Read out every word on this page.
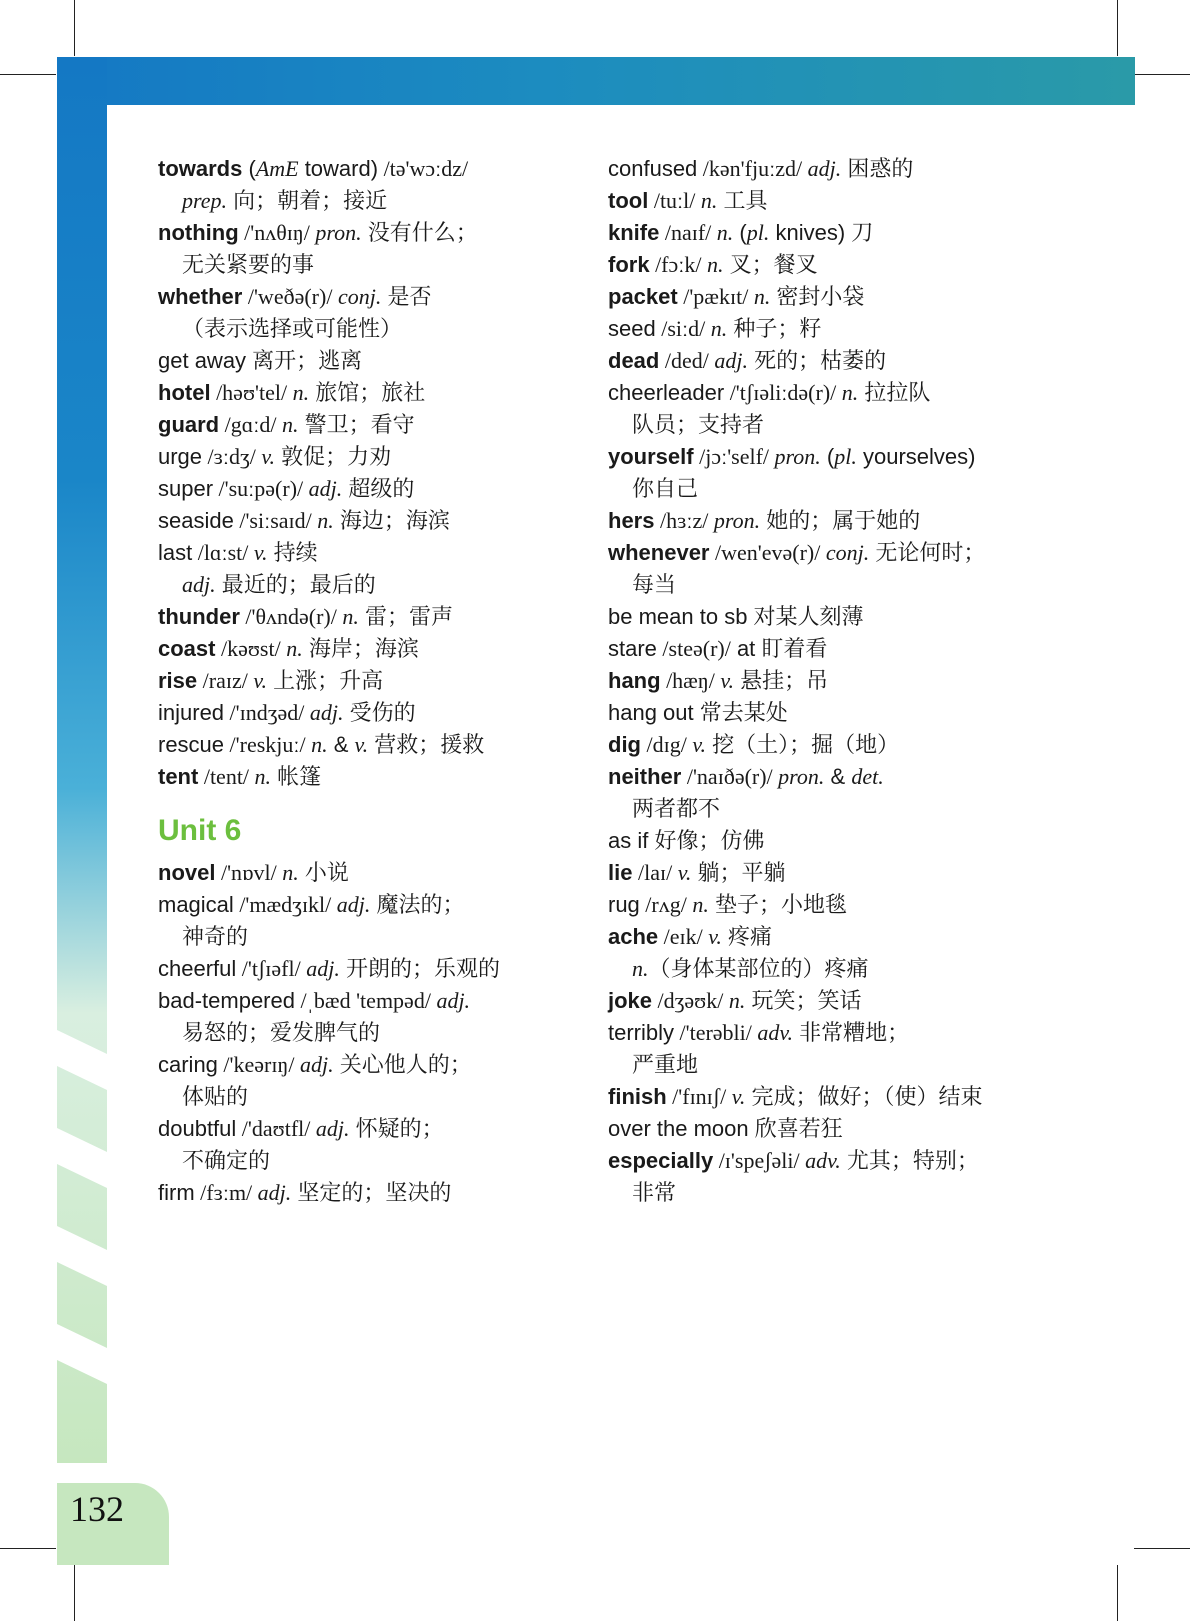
132
towards (AmE toward) /tə'wɔːdz/
prep. 向；朝着；接近
nothing /'nʌθɪŋ/ pron. 没有什么；
无关紧要的事
whether /'weðə(r)/ conj. 是否
（表示选择或可能性）
get away 离开；逃离
hotel /həʊ'tel/ n. 旅馆；旅社
guard /gɑːd/ n. 警卫；看守
urge /ɜːdʒ/ v. 敦促；力劝
super /'suːpə(r)/ adj. 超级的
seaside /'siːsaɪd/ n. 海边；海滨
last /lɑːst/ v. 持续
adj. 最近的；最后的
thunder /'θʌndə(r)/ n. 雷；雷声
coast /kəʊst/ n. 海岸；海滨
rise /raɪz/ v. 上涨；升高
injured /'ɪndʒəd/ adj. 受伤的
rescue /'reskjuː/ n. & v. 营救；援救
tent /tent/ n. 帐篷
Unit 6
novel /'nɒvl/ n. 小说
magical /'mædʒɪkl/ adj. 魔法的；
神奇的
cheerful /'tʃɪəfl/ adj. 开朗的；乐观的
bad-tempered /ˌbæd 'tempəd/ adj.
易怒的；爱发脾气的
caring /'keərɪŋ/ adj. 关心他人的；
体贴的
doubtful /'daʊtfl/ adj. 怀疑的；
不确定的
firm /fɜːm/ adj. 坚定的；坚决的
confused /kən'fjuːzd/ adj. 困惑的
tool /tuːl/ n. 工具
knife /naɪf/ n. (pl. knives) 刀
fork /fɔːk/ n. 叉；餐叉
packet /'pækɪt/ n. 密封小袋
seed /siːd/ n. 种子；籽
dead /ded/ adj. 死的；枯萎的
cheerleader /'tʃɪəliːdə(r)/ n. 拉拉队
队员；支持者
yourself /jɔː'self/ pron. (pl. yourselves)
你自己
hers /hɜːz/ pron. 她的；属于她的
whenever /wen'evə(r)/ conj. 无论何时；
每当
be mean to sb 对某人刻薄
stare /steə(r)/ at 盯着看
hang /hæŋ/ v. 悬挂；吊
hang out 常去某处
dig /dɪg/ v. 挖（土）；掘（地）
neither /'naɪðə(r)/ pron. & det.
两者都不
as if 好像；仿佛
lie /laɪ/ v. 躺；平躺
rug /rʌg/ n. 垫子；小地毯
ache /eɪk/ v. 疼痛
n.（身体某部位的）疼痛
joke /dʒəʊk/ n. 玩笑；笑话
terribly /'terəbli/ adv. 非常糟地；
严重地
finish /'fɪnɪʃ/ v. 完成；做好；（使）结束
over the moon 欣喜若狂
especially /ɪ'speʃəli/ adv. 尤其；特别；
非常
